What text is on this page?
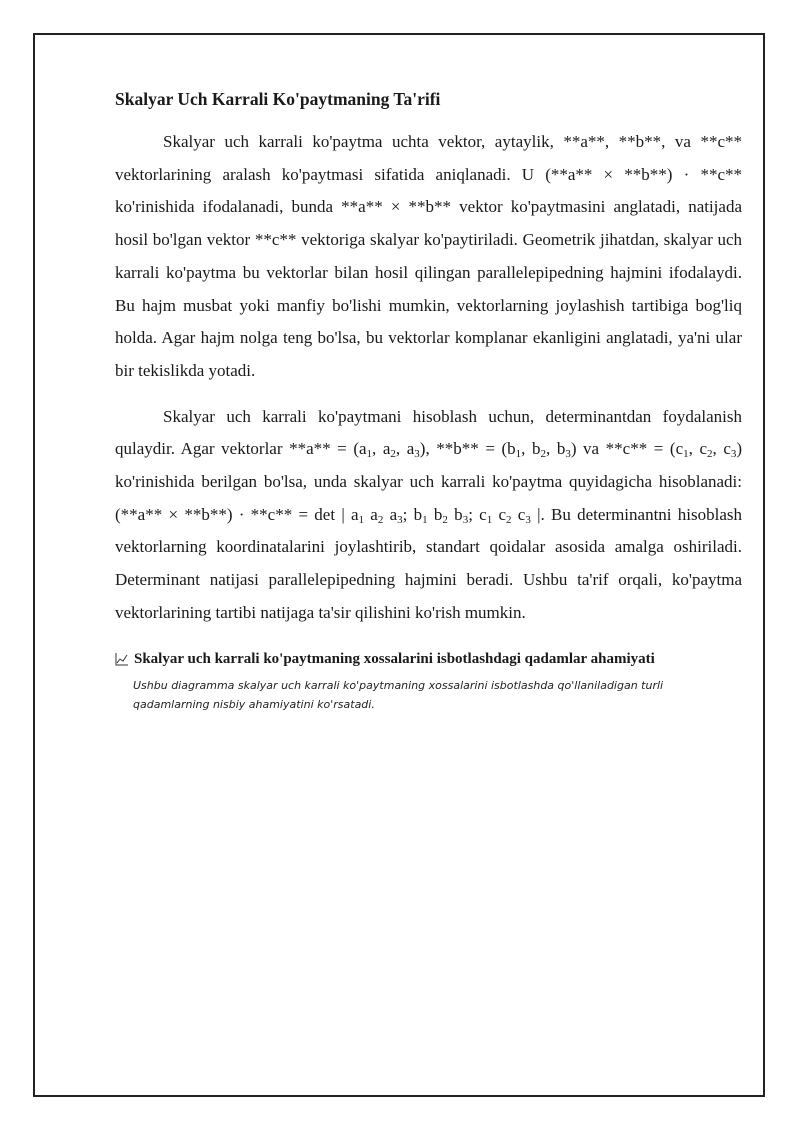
Skalyar Uch Karrali Ko'paytmaning Ta'rifi

Skalyar uch karrali ko'paytma uchta vektor, aytaylik, **a**, **b**, va **c** vektorlarining aralash ko'paytmasi sifatida aniqlanadi. U (**a** × **b**) · **c** ko'rinishida ifodalanadi, bunda **a** × **b** vektor ko'paytmasini anglatadi, natijada hosil bo'lgan vektor **c** vektoriga skalyar ko'paytiriladi. Geometrik jihatdan, skalyar uch karrali ko'paytma bu vektorlar bilan hosil qilingan parallelepipedning hajmini ifodalaydi. Bu hajm musbat yoki manfiy bo'lishi mumkin, vektorlarning joylashish tartibiga bog'liq holda. Agar hajm nolga teng bo'lsa, bu vektorlar komplanar ekanligini anglatadi, ya'ni ular bir tekislikda yotadi.

Skalyar uch karrali ko'paytmani hisoblash uchun, determinantdan foydalanish qulaydir. Agar vektorlar $**a** = (a_1$, $a_2$, $a_3$), $**b** = (b_1$, $b_2$, $b_3$) va $**c** = (c_1$, $c_2$, $c_3$) ko'rinishida berilgan bo'lsa, unda skalyar uch karrali ko'paytma quyidagicha hisoblanadi: (**a** × **b**) · **c** = det | $a_1$ $a_2$ $a_3$; $b_1$ $b_2$ $b_3$; $c_1$ $c_2$ $c_3$ |. Bu determinantni hisoblash vektorlarning koordinatalarini joylashtirib, standart qoidalar asosida amalga oshiriladi. Determinant natijasi parallelepipedning hajmini beradi. Ushbu ta'rif orqali, ko'paytma vektorlarining tartibi natijaga ta'sir qilishini ko'rish mumkin.

Skalyar uch karrali ko'paytmaning xossalarini isbotlashdagi qadamlar ahamiyati
Ushbu diagramma skalyar uch karrali ko'paytmaning xossalarini isbotlashda qo'llaniladigan turli qadamlarning nisbiy ahamiyatini ko'rsatadi.
